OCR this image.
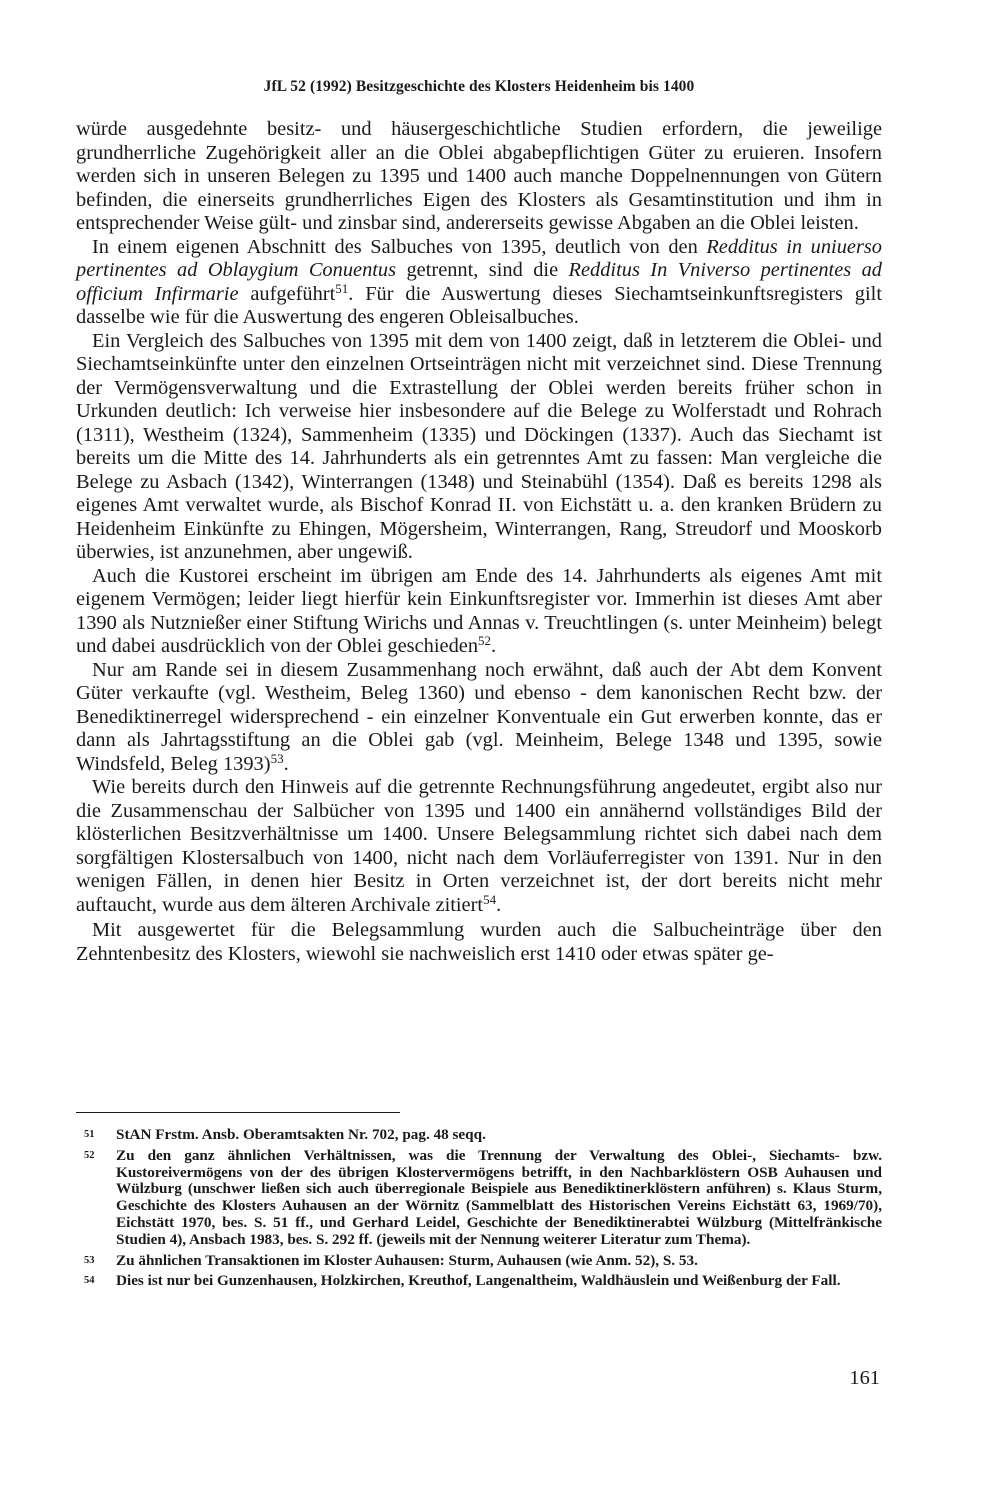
JfL 52 (1992) Besitzgeschichte des Klosters Heidenheim bis 1400

würde ausgedehnte besitz- und häusergeschichtliche Studien erfordern, die jeweilige grundherrliche Zugehörigkeit aller an die Oblei abgabepflichtigen Güter zu eruieren. Insofern werden sich in unseren Belegen zu 1395 und 1400 auch manche Doppelnennungen von Gütern befinden, die einerseits grundherrliches Eigen des Klosters als Gesamtinstitution und ihm in entsprechender Weise gült- und zinsbar sind, andererseits gewisse Abgaben an die Oblei leisten.

In einem eigenen Abschnitt des Salbuches von 1395, deutlich von den Redditus in uniuerso pertinentes ad Oblaygium Conuentus getrennt, sind die Redditus In Vniverso pertinentes ad officium Infirmarie aufgeführt$^{51}$. Für die Auswertung dieses Siechamtseinkunftsregisters gilt dasselbe wie für die Auswertung des engeren Obleisalbuches.

Ein Vergleich des Salbuches von 1395 mit dem von 1400 zeigt, daß in letzterem die Oblei- und Siechamtseinkünfte unter den einzelnen Ortseinträgen nicht mit verzeichnet sind. Diese Trennung der Vermögensverwaltung und die Extrastellung der Oblei werden bereits früher schon in Urkunden deutlich: Ich verweise hier insbesondere auf die Belege zu Wolferstadt und Rohrach (1311), Westheim (1324), Sammenheim (1335) und Döckingen (1337). Auch das Siechamt ist bereits um die Mitte des 14. Jahrhunderts als ein getrenntes Amt zu fassen: Man vergleiche die Belege zu Asbach (1342), Winterrangen (1348) und Steinabühl (1354). Daß es bereits 1298 als eigenes Amt verwaltet wurde, als Bischof Konrad II. von Eichstätt u. a. den kranken Brüdern zu Heidenheim Einkünfte zu Ehingen, Mögersheim, Winterrangen, Rang, Streudorf und Mooskorb überwies, ist anzunehmen, aber ungewiß.

Auch die Kustorei erscheint im übrigen am Ende des 14. Jahrhunderts als eigenes Amt mit eigenem Vermögen; leider liegt hierfür kein Einkunftsregister vor. Immerhin ist dieses Amt aber 1390 als Nutznießer einer Stiftung Wirichs und Annas v. Treuchtlingen (s. unter Meinheim) belegt und dabei ausdrücklich von der Oblei geschieden$^{52}$.

Nur am Rande sei in diesem Zusammenhang noch erwähnt, daß auch der Abt dem Konvent Güter verkaufte (vgl. Westheim, Beleg 1360) und ebenso - dem kanonischen Recht bzw. der Benediktinerregel widersprechend - ein einzelner Konventuale ein Gut erwerben konnte, das er dann als Jahrtagsstiftung an die Oblei gab (vgl. Meinheim, Belege 1348 und 1395, sowie Windsfeld, Beleg 1393)$^{53}$.

Wie bereits durch den Hinweis auf die getrennte Rechnungsführung angedeutet, ergibt also nur die Zusammenschau der Salbücher von 1395 und 1400 ein annähernd vollständiges Bild der klösterlichen Besitzverhältnisse um 1400. Unsere Belegsammlung richtet sich dabei nach dem sorgfältigen Klostersalbuch von 1400, nicht nach dem Vorläuferregister von 1391. Nur in den wenigen Fällen, in denen hier Besitz in Orten verzeichnet ist, der dort bereits nicht mehr auftaucht, wurde aus dem älteren Archivale zitiert$^{54}$.

Mit ausgewertet für die Belegsammlung wurden auch die Salbucheinträge über den Zehntenbesitz des Klosters, wiewohl sie nachweislich erst 1410 oder etwas später ge-

51 StAN Frstm. Ansb. Oberamtsakten Nr. 702, pag. 48 seqq.
52 Zu den ganz ähnlichen Verhältnissen, was die Trennung der Verwaltung des Oblei-, Siechamts- bzw. Kustoreivermögens von der des übrigen Klostervermögens betrifft, in den Nachbarklöstern OSB Auhausen und Wülzburg (unschwer ließen sich auch überregionale Beispiele aus Benediktinerklöstern anführen) s. Klaus Sturm, Geschichte des Klosters Auhausen an der Wörnitz (Sammelblatt des Historischen Vereins Eichstätt 63, 1969/70), Eichstätt 1970, bes. S. 51 ff., und Gerhard Leidel, Geschichte der Benediktinerabtei Wülzburg (Mittelfränkische Studien 4), Ansbach 1983, bes. S. 292 ff. (jeweils mit der Nennung weiterer Literatur zum Thema).
53 Zu ähnlichen Transaktionen im Kloster Auhausen: Sturm, Auhausen (wie Anm. 52), S. 53.
54 Dies ist nur bei Gunzenhausen, Holzkirchen, Kreuthof, Langenaltheim, Waldhäuslein und Weißenburg der Fall.
161
